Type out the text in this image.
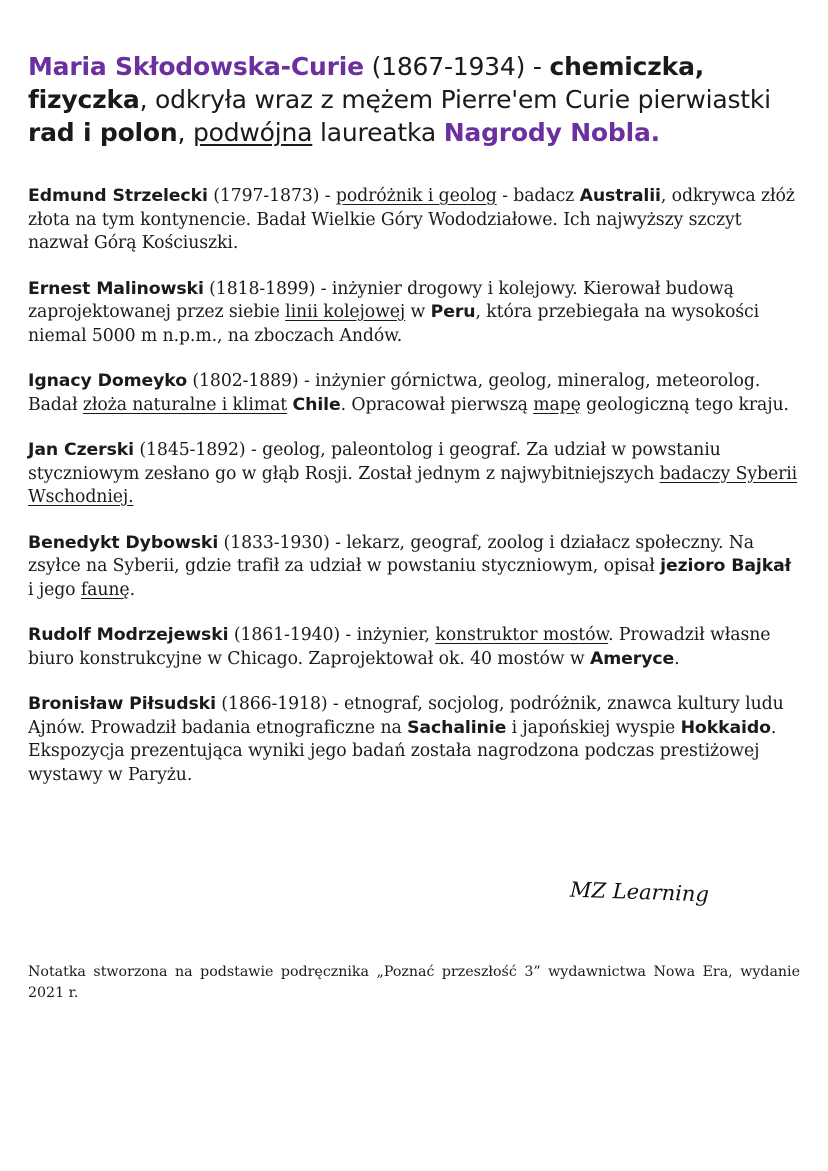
Maria Skłodowska-Curie (1867-1934) - chemiczka, fizyczka, odkryła wraz z mężem Pierre'em Curie pierwiastki rad i polon, podwójna laureatka Nagrody Nobla.

Edmund Strzelecki (1797-1873) - podróżnik i geolog - badacz Australii, odkrywca złóż złota na tym kontynencie. Badał Wielkie Góry Wododziałowe. Ich najwyższy szczyt nazwał Górą Kościuszki.

Ernest Malinowski (1818-1899) - inżynier drogowy i kolejowy. Kierował budową zaprojektowanej przez siebie linii kolejowej w Peru, która przebiegała na wysokości niemal 5000 m n.p.m., na zboczach Andów.

Ignacy Domeyko (1802-1889) - inżynier górnictwa, geolog, mineralog, meteorolog. Badał złoża naturalne i klimat Chile. Opracował pierwszą mapę geologiczną tego kraju.

Jan Czerski (1845-1892) - geolog, paleontolog i geograf. Za udział w powstaniu styczniowym zesłano go w głąb Rosji. Został jednym z najwybitniejszych badaczy Syberii Wschodniej.

Benedykt Dybowski (1833-1930) - lekarz, geograf, zoolog i działacz społeczny. Na zsyłce na Syberii, gdzie trafił za udział w powstaniu styczniowym, opisał jezioro Bajkał i jego faunę.

Rudolf Modrzejewski (1861-1940) - inżynier, konstruktor mostów. Prowadził własne biuro konstrukcyjne w Chicago. Zaprojektował ok. 40 mostów w Ameryce.

Bronisław Piłsudski (1866-1918) - etnograf, socjolog, podróżnik, znawca kultury ludu Ajnów. Prowadził badania etnograficzne na Sachalinie i japońskiej wyspie Hokkaido. Ekspozycja prezentująca wyniki jego badań została nagrodzona podczas prestiżowej wystawy w Paryżu.

MZ Learning

Notatka stworzona na podstawie podręcznika „Poznać przeszłość 3” wydawnictwa Nowa Era, wydanie 2021 r.
